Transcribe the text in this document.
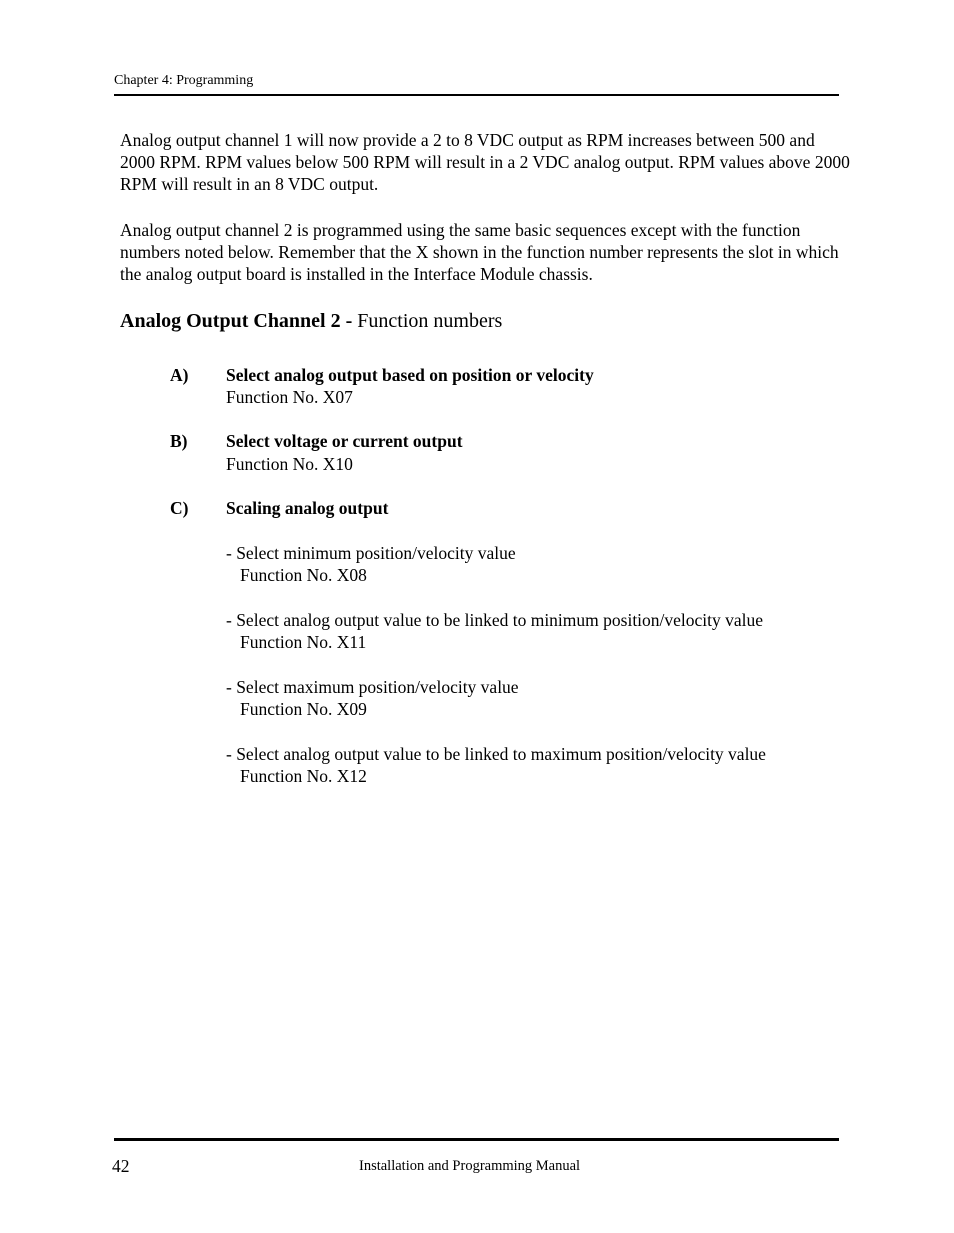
Chapter 4: Programming
Analog output channel 1 will now provide a 2 to 8 VDC output as RPM increases between 500 and 2000 RPM. RPM values below 500 RPM will result in a 2 VDC analog output. RPM values above 2000 RPM will result in an 8 VDC output.
Analog output channel 2 is programmed using the same basic sequences except with the function numbers noted below. Remember that the X shown in the function number represents the slot in which the analog output board is installed in the Interface Module chassis.
Analog Output Channel 2 - Function numbers
A) Select analog output based on position or velocity
Function No. X07
B) Select voltage or current output
Function No. X10
C) Scaling analog output
- Select minimum position/velocity value
Function No. X08
- Select analog output value to be linked to minimum position/velocity value
Function No. X11
- Select maximum position/velocity value
Function No. X09
- Select analog output value to be linked to maximum position/velocity value
Function No. X12
42	Installation and Programming Manual
